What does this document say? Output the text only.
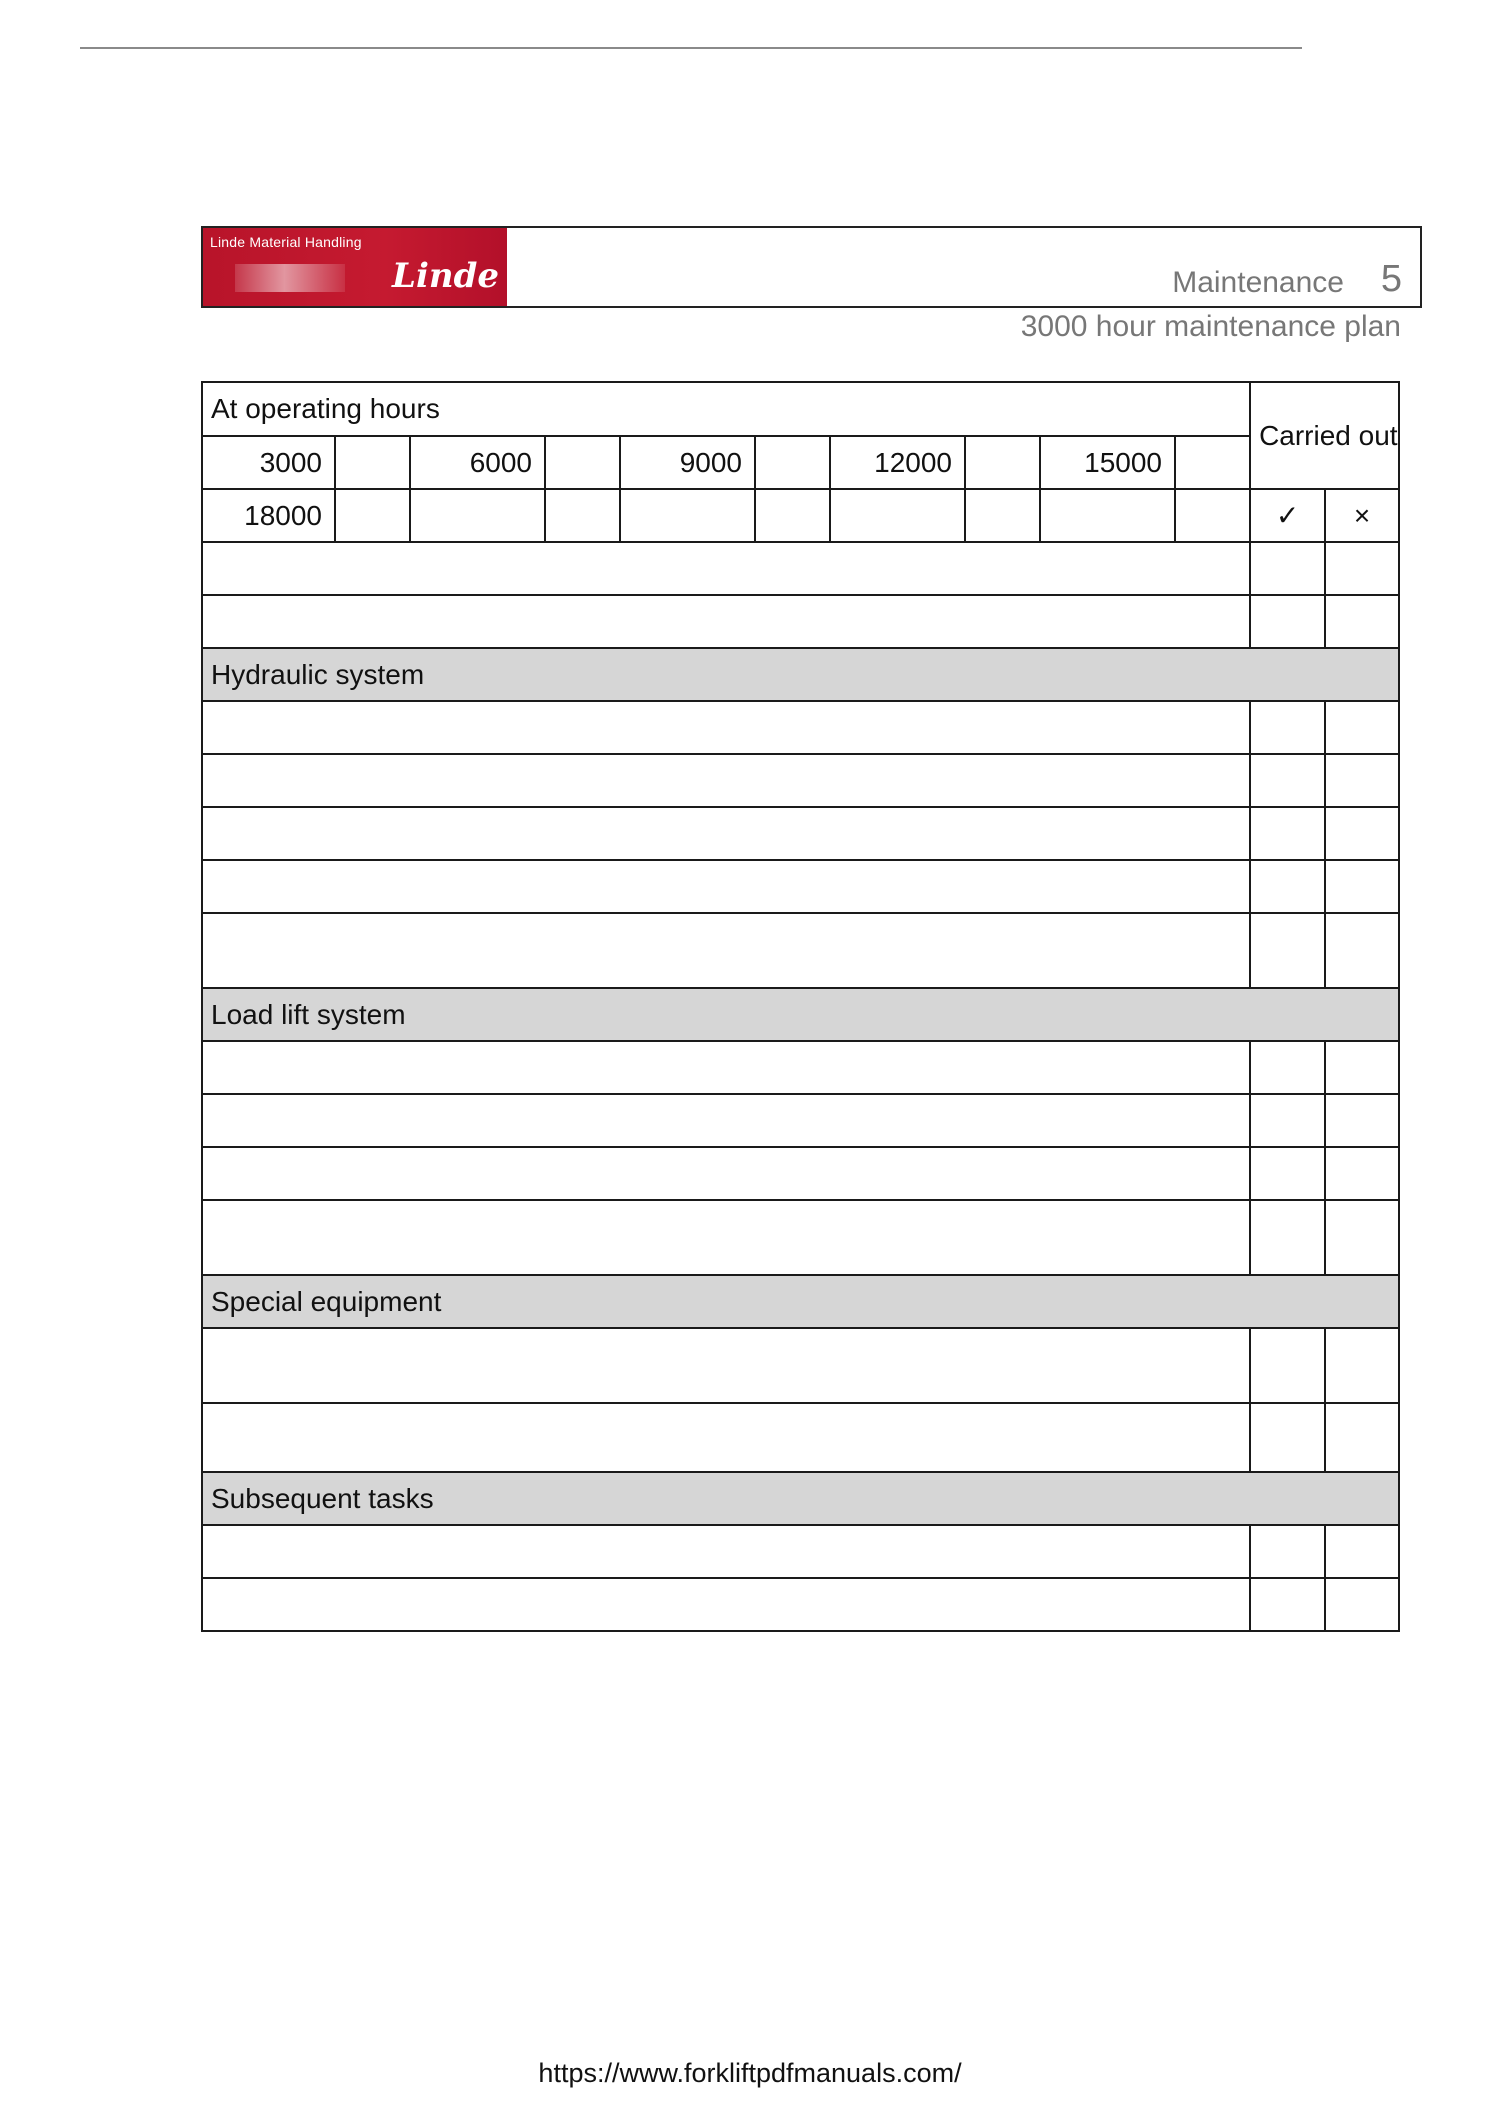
Linde Material Handling
Linde	Maintenance 5
3000 hour maintenance plan
At operating hours										Carried out	
3000		6000		9000		12000		15000			
18000										✓	×

Hydraulic system											

Load lift system											

Special equipment											

Subsequent tasks											

https://www.forkliftpdfmanuals.com/
